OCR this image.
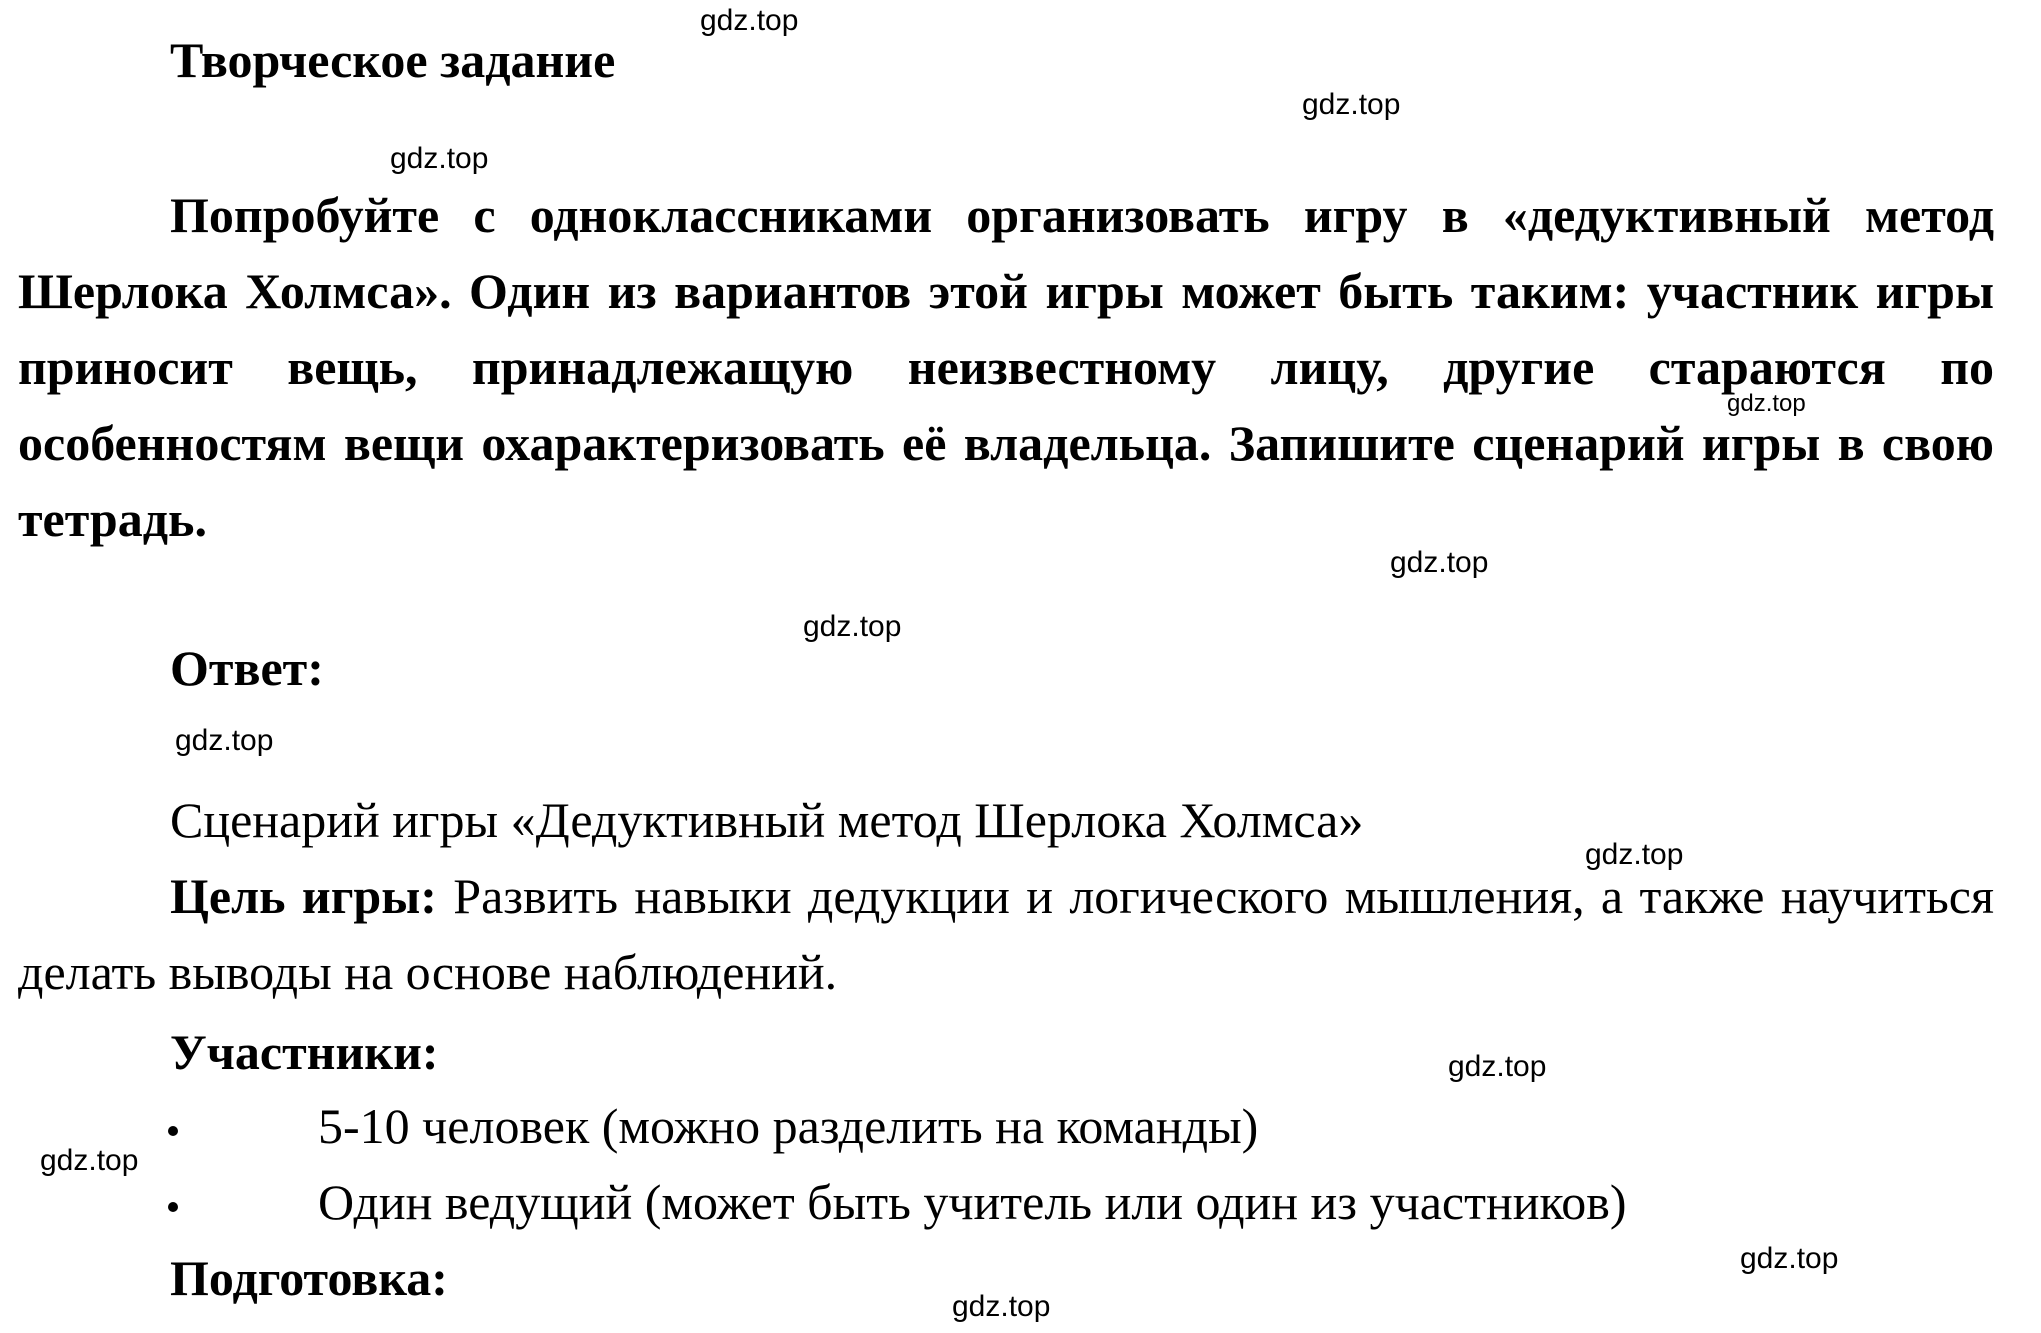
Творческое задание

Попробуйте с одноклассниками организовать игру в «дедуктивный метод Шерлока Холмса». Один из вариантов этой игры может быть таким: участник игры приносит вещь, принадлежащую неизвестному лицу, другие стараются по особенностям вещи охарактеризовать её владельца. Запишите сценарий игры в свою тетрадь.

Ответ:
Сценарий игры «Дедуктивный метод Шерлока Холмса»

Цель игры: Развить навыки дедукции и логического мышления, а также научиться делать выводы на основе наблюдений.

Участники:
5-10 человек (можно разделить на команды)
Один ведущий (может быть учитель или один из участников)
Подготовка:
gdz.top
gdz.top
gdz.top
gdz.top
gdz.top
gdz.top
gdz.top
gdz.top
gdz.top
gdz.top
gdz.top
gdz.top
